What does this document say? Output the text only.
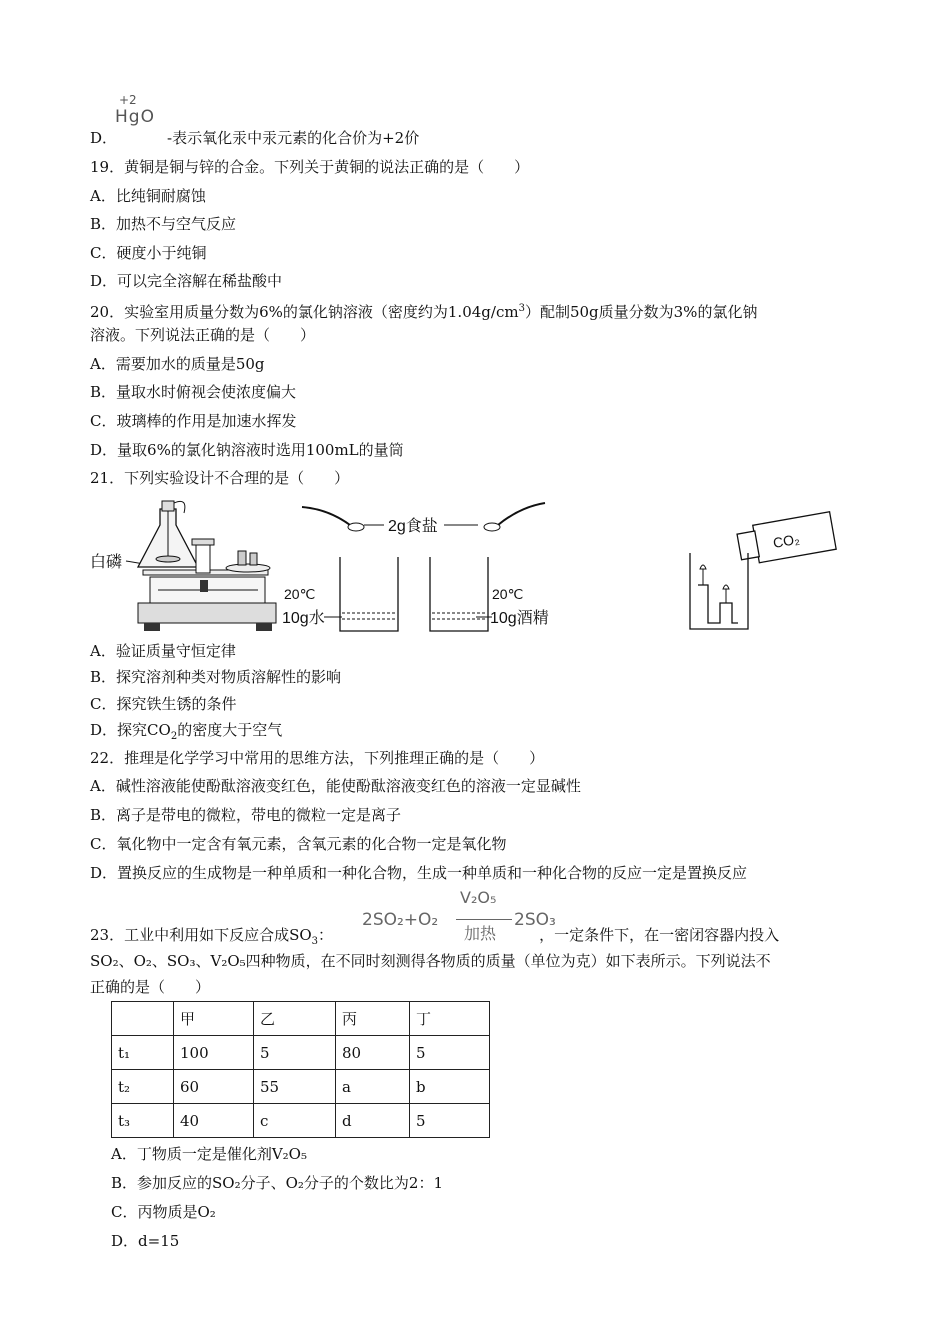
D．	-表示氧化汞中汞元素的化合价为+2价
+2
HgO
19．黄铜是铜与锌的合金。下列关于黄铜的说法正确的是（　　）
A．比纯铜耐腐蚀
B．加热不与空气反应
C．硬度小于纯铜
D．可以完全溶解在稀盐酸中
20．实验室用质量分数为6%的氯化钠溶液（密度约为$1.04g/cm^3$）配制50g质量分数为3%的氯化钠
溶液。下列说法正确的是（　　）
A．需要加水的质量是50g
B．量取水时俯视会使浓度偏大
C．玻璃棒的作用是加速水挥发
D．量取6%的氯化钠溶液时选用100mL的量筒
21．下列实验设计不合理的是（　　）
白磷
2g食盐
20℃
10g水
20℃
10g酒精
CO₂
A．验证质量守恒定律
B．探究溶剂种类对物质溶解性的影响
C．探究铁生锈的条件
D．探究$CO_2$的密度大于空气
22．推理是化学学习中常用的思维方法，下列推理正确的是（　　）
A．碱性溶液能使酚酞溶液变红色，能使酚酞溶液变红色的溶液一定显碱性
B．离子是带电的微粒，带电的微粒一定是离子
C．氧化物中一定含有氧元素，含氧元素的化合物一定是氧化物
D．置换反应的生成物是一种单质和一种化合物，生成一种单质和一种化合物的反应一定是置换反应
23．工业中利用如下反应合成$SO_3$：	，一定条件下，在一密闭容器内投入
2SO₂+O₂
V₂O₅
加热
2SO₃
SO₂、O₂、SO₃、V₂O₅四种物质，在不同时刻测得各物质的质量（单位为克）如下表所示。下列说法不
正确的是（　　）
	甲	乙	丙	丁
t₁	100	5	80	5
t₂	60	55	a	b
t₃	40	c	d	5
A．丁物质一定是催化剂V₂O₅
B．参加反应的SO₂分子、O₂分子的个数比为2：1
C．丙物质是O₂
D．d=15
